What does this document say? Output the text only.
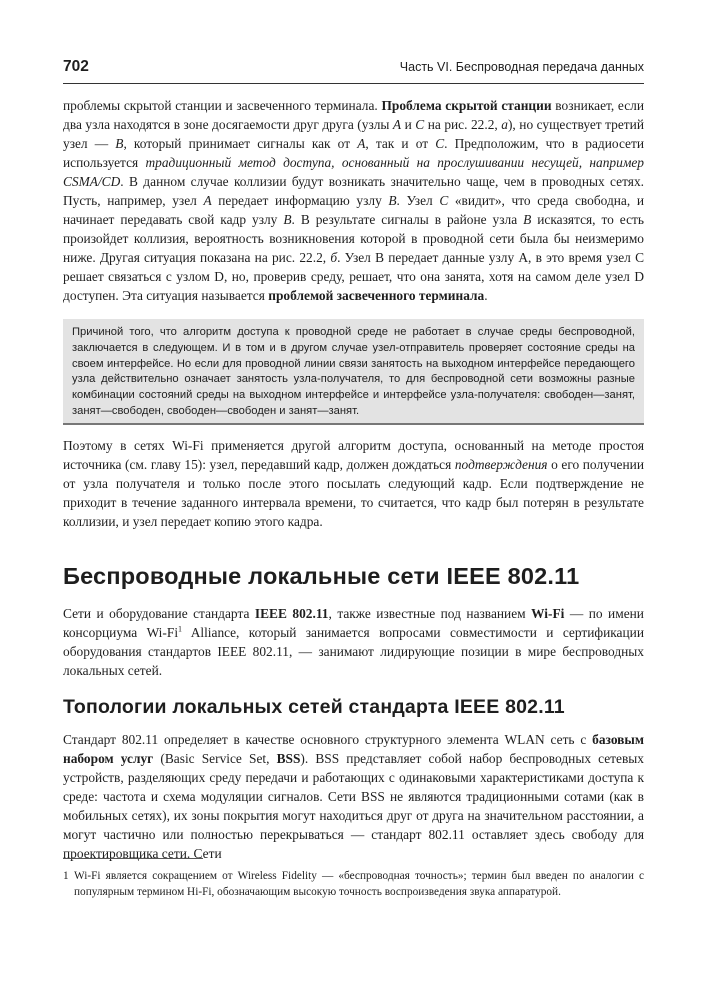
702	Часть VI. Беспроводная передача данных

проблемы скрытой станции и засвеченного терминала. Проблема скрытой станции возникает, если два узла находятся в зоне досягаемости друг друга (узлы A и C на рис. 22.2, а), но существует третий узел — B, который принимает сигналы как от A, так и от C. Предположим, что в радиосети используется традиционный метод доступа, основанный на прослушивании несущей, например CSMA/CD. В данном случае коллизии будут возникать значительно чаще, чем в проводных сетях. Пусть, например, узел A передает информацию узлу B. Узел C «видит», что среда свободна, и начинает передавать свой кадр узлу B. В результате сигналы в районе узла B исказятся, то есть произойдет коллизия, вероятность возникновения которой в проводной сети была бы неизмеримо ниже. Другая ситуация показана на рис. 22.2, б. Узел B передает данные узлу A, в это время узел C решает связаться с узлом D, но, проверив среду, решает, что она занята, хотя на самом деле узел D доступен. Эта ситуация называется проблемой засвеченного терминала.

Причиной того, что алгоритм доступа к проводной среде не работает в случае среды беспроводной, заключается в следующем. И в том и в другом случае узел-отправитель проверяет состояние среды на своем интерфейсе. Но если для проводной линии связи занятость на выходном интерфейсе передающего узла действительно означает занятость узла-получателя, то для беспроводной сети возможны разные комбинации состояний среды на выходном интерфейсе и интерфейсе узла-получателя: свободен—занят, занят—свободен, свободен—свободен и занят—занят.

Поэтому в сетях Wi-Fi применяется другой алгоритм доступа, основанный на методе простоя источника (см. главу 15): узел, передавший кадр, должен дождаться подтверждения о его получении от узла получателя и только после этого посылать следующий кадр. Если подтверждение не приходит в течение заданного интервала времени, то считается, что кадр был потерян в результате коллизии, и узел передает копию этого кадра.

Беспроводные локальные сети IEEE 802.11

Сети и оборудование стандарта IEEE 802.11, также известные под названием Wi-Fi — по имени консорциума Wi-Fi$^1$ Alliance, который занимается вопросами совместимости и сертификации оборудования стандартов IEEE 802.11, — занимают лидирующие позиции в мире беспроводных локальных сетей.

Топологии локальных сетей стандарта IEEE 802.11

Стандарт 802.11 определяет в качестве основного структурного элемента WLAN сеть с базовым набором услуг (Basic Service Set, BSS). BSS представляет собой набор беспроводных сетевых устройств, разделяющих среду передачи и работающих с одинаковыми характеристиками доступа к среде: частота и схема модуляции сигналов. Сети BSS не являются традиционными сотами (как в мобильных сетях), их зоны покрытия могут находиться друг от друга на значительном расстоянии, а могут частично или полностью перекрываться — стандарт 802.11 оставляет здесь свободу для проектировщика сети. Сети

1 Wi-Fi является сокращением от Wireless Fidelity — «беспроводная точность»; термин был введен по аналогии с популярным термином Hi-Fi, обозначающим высокую точность воспроизведения звука аппаратурой.
